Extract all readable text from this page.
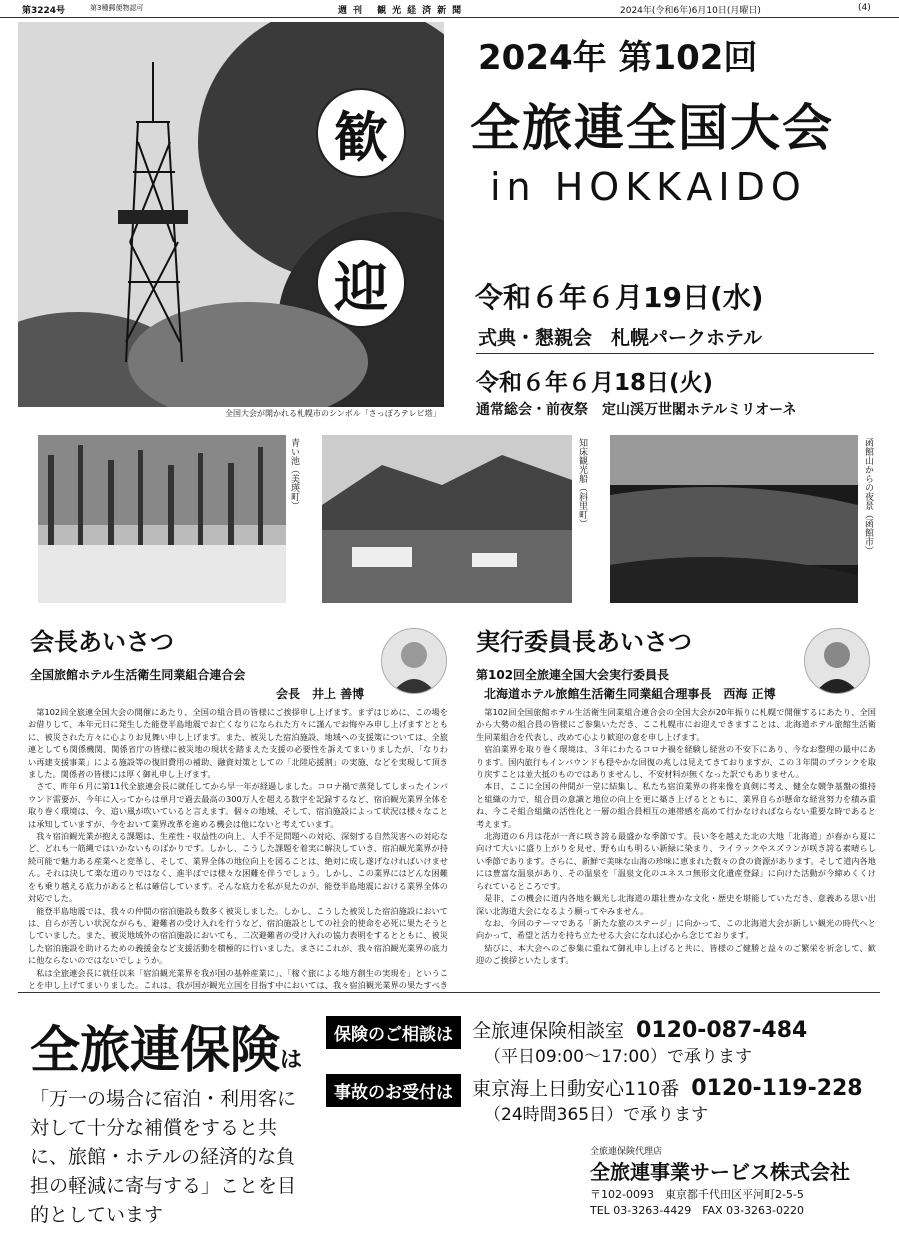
第3224号	第3種郵便物認可	週刊 観光経済新聞	2024年(令和6年)6月10日(月曜日)	(4)
歓
迎
全国大会が開かれる札幌市のシンボル「さっぽろテレビ塔」
2024年 第102回
全旅連全国大会
in HOKKAIDO
令和６年６月19日(水)
式典・懇親会　札幌パークホテル
令和６年６月18日(火)
通常総会・前夜祭　定山渓万世閣ホテルミリオーネ
青い池（美瑛町）	知床観光船（斜里町）	函館山からの夜景（函館市）
会長あいさつ
全国旅館ホテル生活衛生同業組合連合会
会長　井上 善博

第102回全旅連全国大会の開催にあたり、全国の組合員の皆様にご挨拶申し上げます。まずはじめに、この場をお借りして、本年元日に発生した能登半島地震でお亡くなりになられた方々に謹んでお悔やみ申し上げますとともに、被災された方々に心よりお見舞い申し上げます。また、被災した宿泊施設、地域への支援策については、全旅連としても関係機関、関係省庁の皆様に被災地の現状を踏まえた支援の必要性を訴えてまいりましたが、「なりわい再建支援事業」による施設等の復旧費用の補助、融資対策としての「北陸応援割」の実施、などを実現して頂きました。関係者の皆様には厚く御礼申し上げます。

さて、昨年６月に第11代全旅連会長に就任してから早一年が経過しました。コロナ禍で蒸発してしまったインバウンド需要が、今年に入ってからは単月で過去最高の300万人を超える数字を記録するなど、宿泊観光業界全体を取り巻く環境は、今、追い風が吹いていると言えます。個々の地域、そして、宿泊施設によって状況は様々なことは承知していますが、今をおいて業界改革を進める機会は他にないと考えています。

我々宿泊観光業が抱える課題は、生産性・収益性の向上、人手不足問題への対応、深刻する自然災害への対応など、どれも一筋縄ではいかないものばかりです。しかし、こうした課題を着実に解決していき、宿泊観光業界が持続可能で魅力ある産業へと変革し、そして、業界全体の地位向上を図ることは、絶対に成し遂げなければいけません。それは決して楽な道のりではなく、進半ばでは様々な困難を伴うでしょう。しかし、この業界にはどんな困難をも乗り越える底力があると私は確信しています。そんな底力を私が見たのが、能登半島地震における業界全体の対応でした。

能登半島地震では、我々の仲間の宿泊施設も数多く被災しました。しかし、こうした被災した宿泊施設においては、自らが苦しい状況ながらも、避難者の受け入れを行うなど、宿泊施設としての社会的使命を必死に果たそうとしていました。また、被災地域外の宿泊施設においても、二次避難者の受け入れの協力表明をするとともに、被災した宿泊施設を助けるための義援金など支援活動を積極的に行いました。まさにこれが、我々宿泊観光業界の底力に他ならないのではないでしょうか。

私は全旅連会長に就任以来「宿泊観光業界を我が国の基幹産業に」、「稼ぐ旅による地方創生の実現を」ということを申し上げてまいりました。これは、我が国が観光立国を目指す中においては、我々宿泊観光業界の果たすべき

実行委員長あいさつ
第102回全旅連全国大会実行委員長
北海道ホテル旅館生活衛生同業組合理事長　西海 正博

第102回全国旅館ホテル生活衛生同業組合連合会の全国大会が20年振りに札幌で開催するにあたり、全国から大勢の組合員の皆様にご参集いただき、ここ札幌市にお迎えできますことは、北海道ホテル旅館生活衛生同業組合を代表し、改めて心より歓迎の意を申し上げます。

宿泊業界を取り巻く環境は、３年にわたるコロナ禍を経験し経営の不安下にあり、今なお整理の最中にあります。国内旅行もインバウンドも穏やかな回復の兆しは見えてきておりますが、この３年間のブランクを取り戻すことは並大抵のものではありませんし、不安材料が無くなった訳でもありません。

本日、ここに全国の仲間が一堂に結集し、私たち宿泊業界の将来像を真剣に考え、健全な競争基盤の維持と組織の力で、組合員の意識と地位の向上を更に築き上げるとともに、業界自らが懸命な経営努力を積み重ね、今こそ組合組織の活性化と一層の組合員相互の連帯感を高めて行かなければならない重要な時であると考えます。

北海道の６月は花が一斉に咲き誇る最盛かな季節です。長い冬を越えた北の大地「北海道」が春から夏に向けて大いに盛り上がりを見せ、野も山も明るい新緑に染まり、ライラックやスズランが咲き誇る素晴らしい季節であります。さらに、新鮮で美味な山海の珍味に恵まれた数々の食の資源があります。そして道内各地には豊富な温泉があり、その温泉を「温泉文化のユネスコ無形文化遺産登録」に向けた活動が今締めくくけられているところです。

是非、この機会に道内各地を観光し北海道の雄壮豊かな文化・歴史を堪能していただき、意義ある思い出深い北海道大会になるよう願ってやみません。

なお、今回のテーマである「新たな旅のステージ」に向かって、この北海道大会が新しい観光の時代へと向かって、希望と活力を持ち立たせる大会になれば心から念じております。

結びに、本大会へのご参集に重ねて御礼申し上げると共に、皆様のご健勝と益々のご繁栄を祈念して、歓迎のご挨拶といたします。

全旅連保険は
「万一の場合に宿泊・利用客に対して十分な補償をすると共に、旅館・ホテルの経済的な負担の軽減に寄与する」ことを目的としています
保険のご相談は	全旅連保険相談室 0120-087-484
（平日09:00～17:00）で承ります
事故のお受付は	東京海上日動安心110番 0120-119-228
（24時間365日）で承ります
全旅連保険代理店
全旅連事業サービス株式会社
〒102-0093　東京都千代田区平河町2-5-5
TEL 03-3263-4429　FAX 03-3263-0220
